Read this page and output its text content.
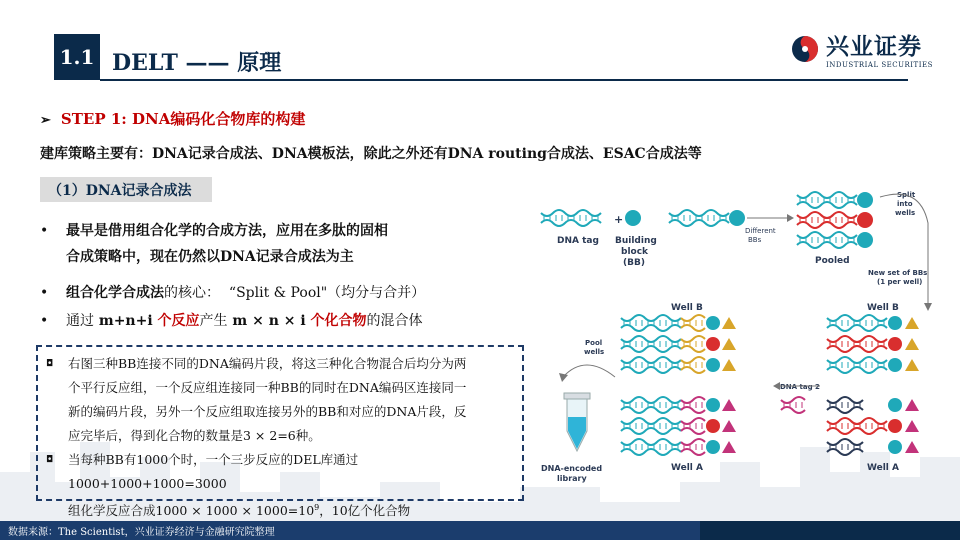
1.1 DELT —— 原理
兴业证券
INDUSTRIAL SECURITIES
➢ STEP 1: DNA编码化合物库的构建
建库策略主要有：DNA记录合成法、DNA模板法，除此之外还有DNA routing合成法、ESAC合成法等
（1）DNA记录合成法
•	最早是借用组合化学的合成方法，应用在多肽的固相
合成策略中，现在仍然以DNA记录合成法为主
•	组合化学合成法的核心： “Split & Pool"（均分与合并）
•	通过 m+n+i 个反应产生 m × n × i 个化合物的混合体
◘	右图三种BB连接不同的DNA编码片段，将这三种化合物混合后均分为两
个平行反应组，一个反应组连接同一种BB的同时在DNA编码区连接同一
新的编码片段，另外一个反应组取连接另外的BB和对应的DNA片段，反
应完毕后，得到化合物的数量是3 × 2=6种。
◘	当每种BB有1000个时，一个三步反应的DEL库通过1000+1000+1000=3000
组化学反应合成$1000 \times 1000 \times 1000=10^9$，10亿个化合物
DNA tag
+
Building
block
(BB)
Different
BBs
Pooled
Split
into
wells
New set of BBs
(1 per well)
Well B	Well B
DNA tag 2
Well A	Well A
Pool
wells
DNA-encoded
library
数据来源：The Scientist，兴业证券经济与金融研究院整理
